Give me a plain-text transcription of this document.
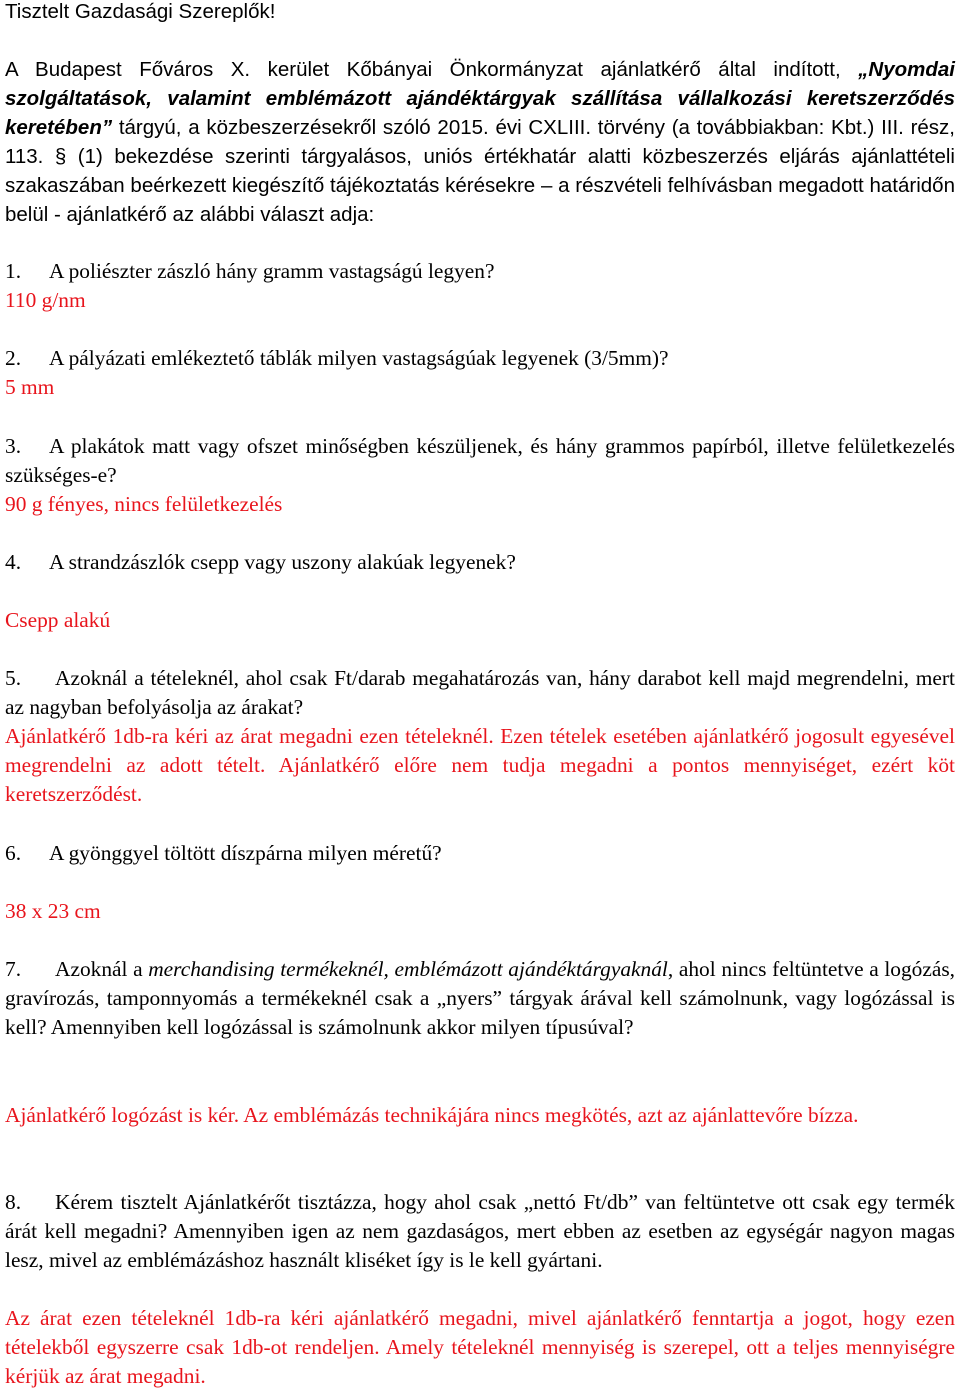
Tisztelt Gazdasági Szereplők!

A Budapest Főváros X. kerület Kőbányai Önkormányzat ajánlatkérő által indított, „Nyomdai szolgáltatások, valamint emblémázott ajándéktárgyak szállítása vállalkozási keretszerződés keretében” tárgyú, a közbeszerzésekről szóló 2015. évi CXLIII. törvény (a továbbiakban: Kbt.) III. rész, 113. § (1) bekezdése szerinti tárgyalásos, uniós értékhatár alatti közbeszerzés eljárás ajánlattételi szakaszában beérkezett kiegészítő tájékoztatás kérésekre – a részvételi felhívásban megadott határidőn belül - ajánlatkérő az alábbi választ adja:

1. A poliészter zászló hány gramm vastagságú legyen?

110 g/nm

2. A pályázati emlékeztető táblák milyen vastagságúak legyenek (3/5mm)?

5 mm

3. A plakátok matt vagy ofszet minőségben készüljenek, és hány grammos papírból, illetve felületkezelés szükséges-e?

90 g fényes, nincs felületkezelés

4. A strandzászlók csepp vagy uszony alakúak legyenek?

Csepp alakú

5. Azoknál a tételeknél, ahol csak Ft/darab megahatározás van, hány darabot kell majd megrendelni, mert az nagyban befolyásolja az árakat?

Ajánlatkérő 1db-ra kéri az árat megadni ezen tételeknél. Ezen tételek esetében ajánlatkérő jogosult egyesével megrendelni az adott tételt. Ajánlatkérő előre nem tudja megadni a pontos mennyiséget, ezért köt keretszerződést.

6. A gyönggyel töltött díszpárna milyen méretű?

38 x 23 cm

7. Azoknál a merchandising termékeknél, emblémázott ajándéktárgyaknál, ahol nincs feltüntetve a logózás, gravírozás, tamponnyomás a termékeknél csak a „nyers” tárgyak árával kell számolnunk, vagy logózással is kell? Amennyiben kell logózással is számolnunk akkor milyen típusúval?

Ajánlatkérő logózást is kér. Az emblémázás technikájára nincs megkötés, azt az ajánlattevőre bízza.

8. Kérem tisztelt Ajánlatkérőt tisztázza, hogy ahol csak „nettó Ft/db” van feltüntetve ott csak egy termék árát kell megadni? Amennyiben igen az nem gazdaságos, mert ebben az esetben az egységár nagyon magas lesz, mivel az emblémázáshoz használt kliséket így is le kell gyártani.

Az árat ezen tételeknél 1db-ra kéri ajánlatkérő megadni, mivel ajánlatkérő fenntartja a jogot, hogy ezen tételekből egyszerre csak 1db-ot rendeljen. Amely tételeknél mennyiség is szerepel, ott a teljes mennyiségre kérjük az árat megadni.
